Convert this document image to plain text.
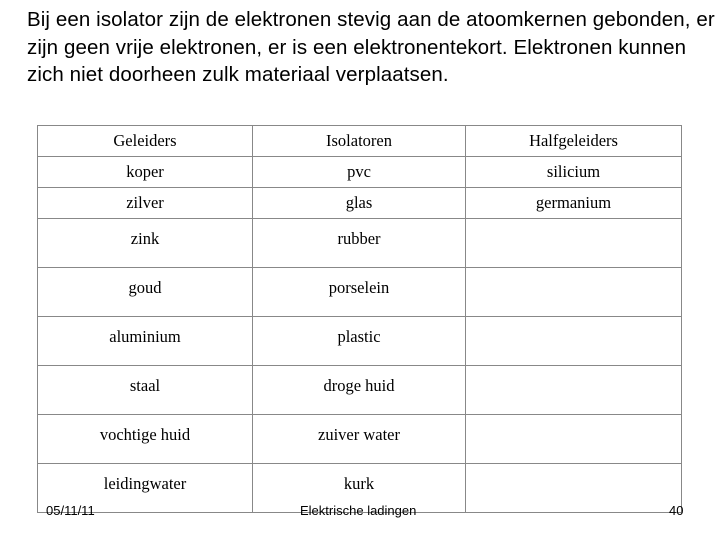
Bij een isolator zijn de elektronen stevig aan de atoomkernen gebonden, er zijn geen vrije elektronen, er is een elektronentekort. Elektronen kunnen zich niet doorheen zulk materiaal verplaatsen.
Geleiders	Isolatoren	Halfgeleiders
koper	pvc	silicium
zilver	glas	germanium
zink	rubber	
goud	porselein	
aluminium	plastic	
staal	droge huid	
vochtige huid	zuiver water	
leidingwater	kurk	
05/11/11	Elektrische ladingen	40
